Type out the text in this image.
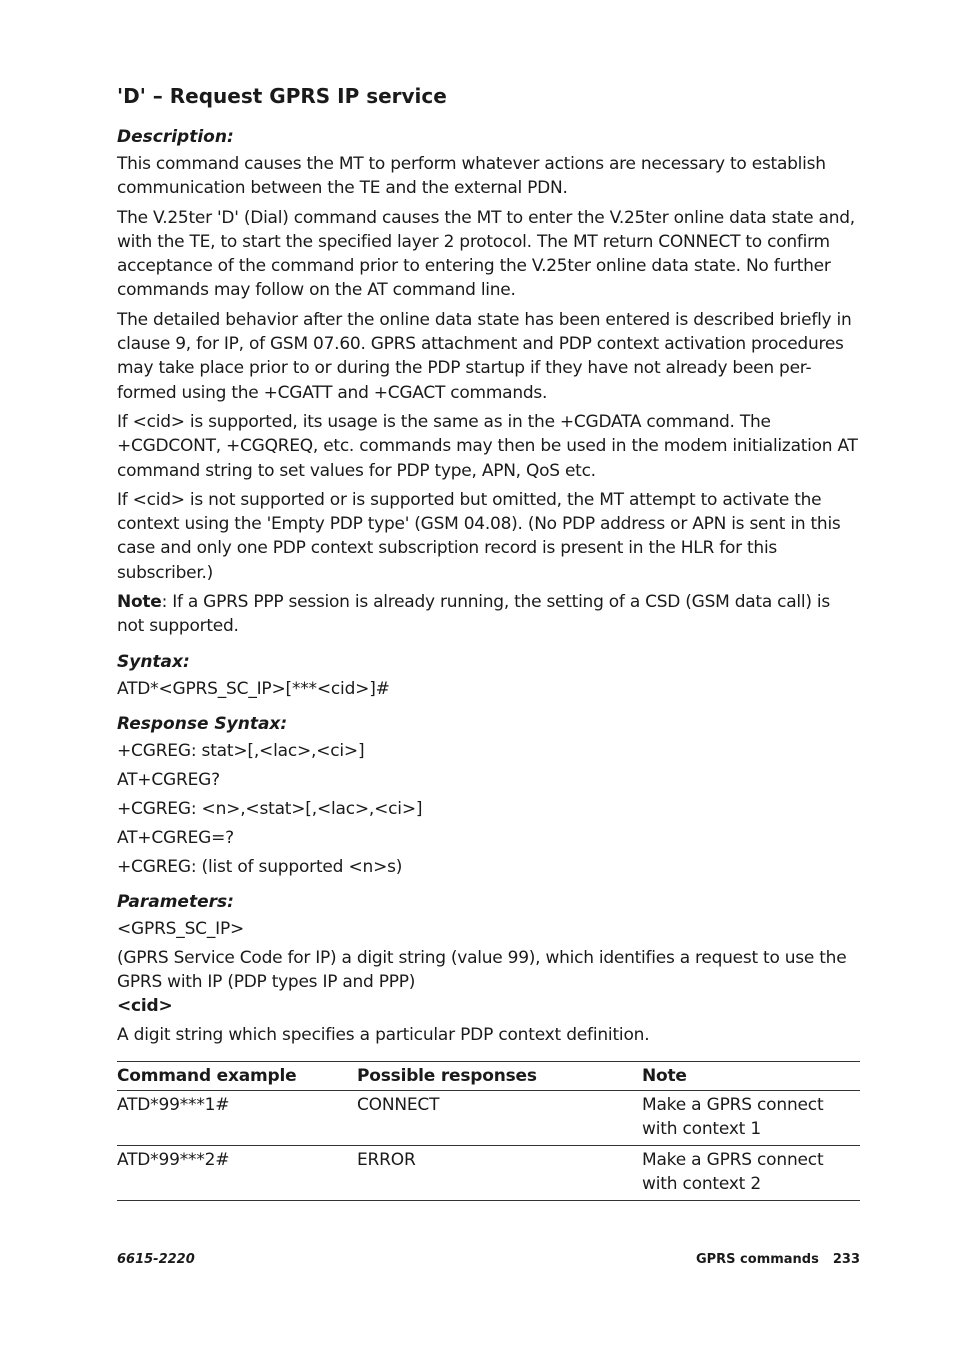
'D' – Request GPRS IP service
Description:

This command causes the MT to perform whatever actions are necessary to establish communication between the TE and the external PDN.

The V.25ter 'D' (Dial) command causes the MT to enter the V.25ter online data state and, with the TE, to start the specified layer 2 protocol. The MT return CONNECT to confirm acceptance of the command prior to entering the V.25ter online data state. No further commands may follow on the AT command line.

The detailed behavior after the online data state has been entered is described briefly in clause 9, for IP, of GSM 07.60. GPRS attachment and PDP context activation procedures may take place prior to or during the PDP startup if they have not already been per-formed using the +CGATT and +CGACT commands.

If <cid> is supported, its usage is the same as in the +CGDATA command. The +CGDCONT, +CGQREQ, etc. commands may then be used in the modem initialization AT command string to set values for PDP type, APN, QoS etc.

If <cid> is not supported or is supported but omitted, the MT attempt to activate the context using the 'Empty PDP type' (GSM 04.08). (No PDP address or APN is sent in this case and only one PDP context subscription record is present in the HLR for this subscriber.)

Note: If a GPRS PPP session is already running, the setting of a CSD (GSM data call) is not supported.

Syntax:

ATD*<GPRS_SC_IP>[***<cid>]#

Response Syntax:

+CGREG: stat>[,<lac>,<ci>]

AT+CGREG?

+CGREG: <n>,<stat>[,<lac>,<ci>]

AT+CGREG=?

+CGREG: (list of supported <n>s)

Parameters:

<GPRS_SC_IP>

(GPRS Service Code for IP) a digit string (value 99), which identifies a request to use the GPRS with IP (PDP types IP and PPP)

<cid>

A digit string which specifies a particular PDP context definition.

Command example	Possible responses	Note
ATD*99***1#	CONNECT	Make a GPRS connect with context 1
ATD*99***2#	ERROR	Make a GPRS connect with context 2
6615-2220	GPRS commands 233
